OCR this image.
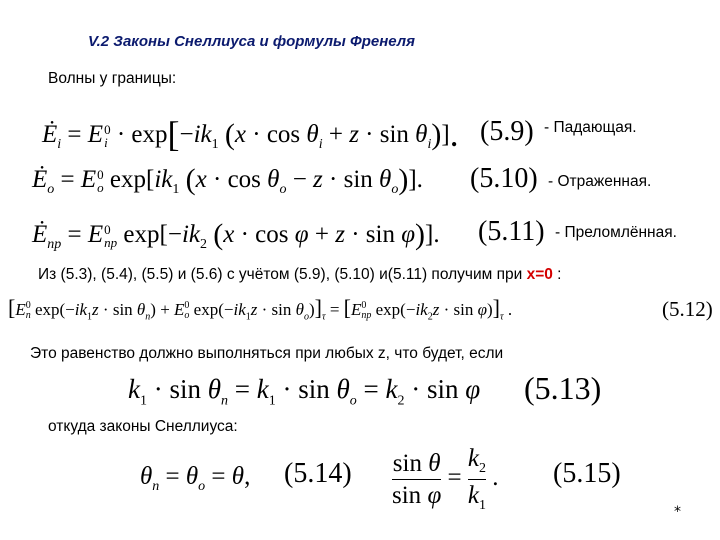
V.2 Законы Снеллиуса и формулы Френеля
Волны у границы:
$Ė_i = E$ 0
$i \cdot \exp[-ik_1$ $(x \cdot \cos \theta_i + z \cdot \sin \theta_i)$]. (5.9) - Падающая.
$Ė_o = E$ 0
o $\exp[ik_1$ $(x \cdot \cos \theta_o - z \cdot \sin \theta_o)$]. (5.10) - Отраженная.
$Ė_{np} = E$ 0
np $\exp[-ik_2$ (x · cos φ + z · sin φ)]. (5.11) - Преломлённая.
Из (5.3), (5.4), (5.5) и (5.6) с учётом (5.9), (5.10) и(5.11) получим при x=0 :
[E 0
n $\exp(-ik_1z \cdot \sin \theta_n) + E$ 0
o $\exp(-ik_1z \cdot \sin \theta_o)]_\tau = [E$ 0
np $\exp(-ik_2z \cdot \sin \varphi)]_\tau$ .	(5.12)
Это равенство должно выполняться при любых z, что будет, если
$k_1 \cdot \sin \theta_n = k_1 \cdot \sin \theta_o = k_2 \cdot \sin \varphi$ (5.13)
откуда законы Снеллиуса:
$\theta_n = \theta_o = \theta$, $(5.14) \frac{\text{sin θ}}{\text{sin φ}} = \frac{k_2}{k_1}$ . (5.15)
*
